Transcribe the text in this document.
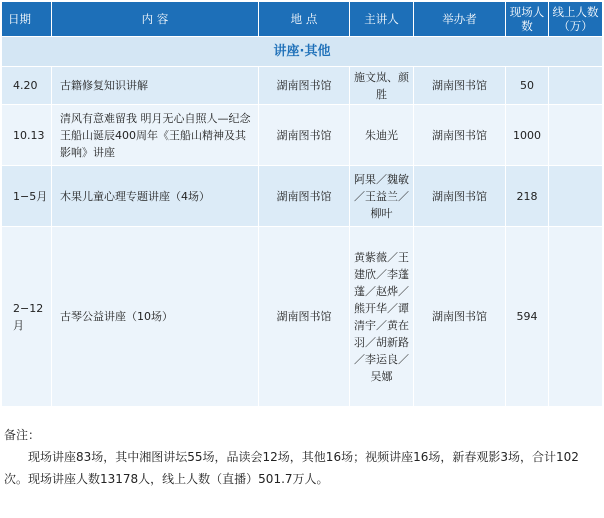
日期	内 容	地 点	主讲人	举办者	现场人数	线上人数（万）
讲座·其他						
4.20	古籍修复知识讲解	湖南图书馆	施文岚、颜胜	湖南图书馆	50	
10.13	清风有意难留我 明月无心自照人—纪念王船山诞辰400周年《王船山精神及其影响》讲座	湖南图书馆	朱迪光	湖南图书馆	1000	
1−5月	木果儿童心理专题讲座（4场）	湖南图书馆	阿果／魏敏／王益兰／柳叶	湖南图书馆	218	
2−12月	古琴公益讲座（10场）	湖南图书馆	黄紫薇／王建欣／李蓬蓬／赵烨／熊开华／谭清宇／黄在羽／胡新路／李运良／吴娜	湖南图书馆	594	
备注：
现场讲座83场，其中湘图讲坛55场，品读会12场，其他16场；视频讲座16场，新春观影3场，合计102次。现场讲座人数13178人，线上人数（直播）501.7万人。
